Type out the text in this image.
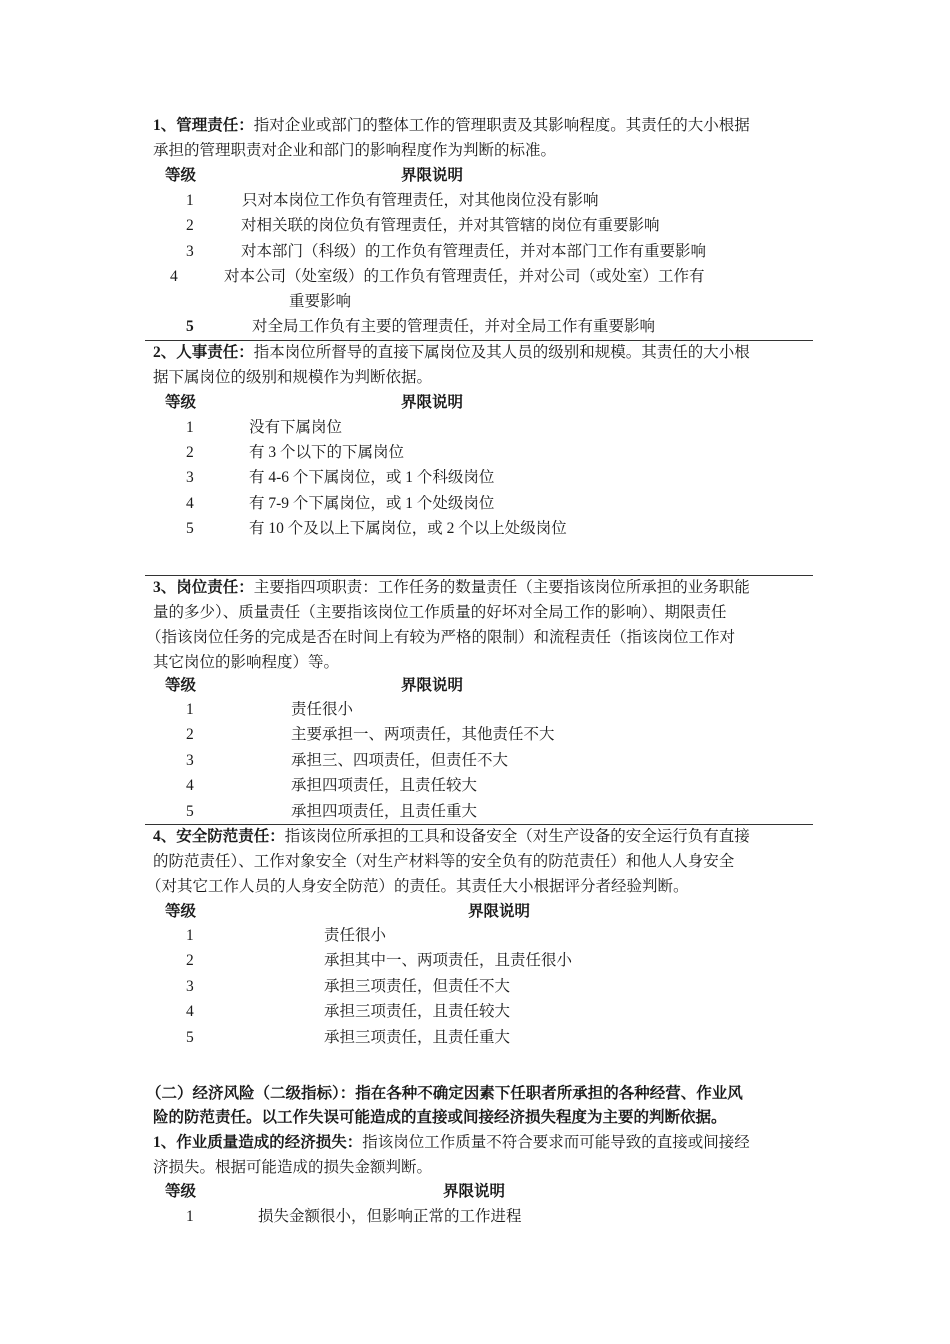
1、管理责任：指对企业或部门的整体工作的管理职责及其影响程度。其责任的大小根据
承担的管理职责对企业和部门的影响程度作为判断的标准。
等级	界限说明
1	只对本岗位工作负有管理责任，对其他岗位没有影响
2	对相关联的岗位负有管理责任，并对其管辖的岗位有重要影响
3	对本部门（科级）的工作负有管理责任，并对本部门工作有重要影响
4	对本公司（处室级）的工作负有管理责任，并对公司（或处室）工作有
重要影响
5	对全局工作负有主要的管理责任，并对全局工作有重要影响
2、人事责任：指本岗位所督导的直接下属岗位及其人员的级别和规模。其责任的大小根
据下属岗位的级别和规模作为判断依据。
等级	界限说明
1	没有下属岗位
2	有 3 个以下的下属岗位
3	有 4-6 个下属岗位，或 1 个科级岗位
4	有 7-9 个下属岗位，或 1 个处级岗位
5	有 10 个及以上下属岗位，或 2 个以上处级岗位
3、岗位责任：主要指四项职责：工作任务的数量责任（主要指该岗位所承担的业务职能
量的多少）、质量责任（主要指该岗位工作质量的好坏对全局工作的影响）、期限责任
（指该岗位任务的完成是否在时间上有较为严格的限制）和流程责任（指该岗位工作对
其它岗位的影响程度）等。
等级	界限说明
1	责任很小
2	主要承担一、两项责任，其他责任不大
3	承担三、四项责任，但责任不大
4	承担四项责任，且责任较大
5	承担四项责任，且责任重大
4、安全防范责任：指该岗位所承担的工具和设备安全（对生产设备的安全运行负有直接
的防范责任）、工作对象安全（对生产材料等的安全负有的防范责任）和他人人身安全
（对其它工作人员的人身安全防范）的责任。其责任大小根据评分者经验判断。
等级	界限说明
1	责任很小
2	承担其中一、两项责任，且责任很小
3	承担三项责任，但责任不大
4	承担三项责任，且责任较大
5	承担三项责任，且责任重大
（二）经济风险（二级指标）：指在各种不确定因素下任职者所承担的各种经营、作业风
险的防范责任。以工作失误可能造成的直接或间接经济损失程度为主要的判断依据。
1、作业质量造成的经济损失：指该岗位工作质量不符合要求而可能导致的直接或间接经
济损失。根据可能造成的损失金额判断。
等级	界限说明
1	损失金额很小，但影响正常的工作进程
